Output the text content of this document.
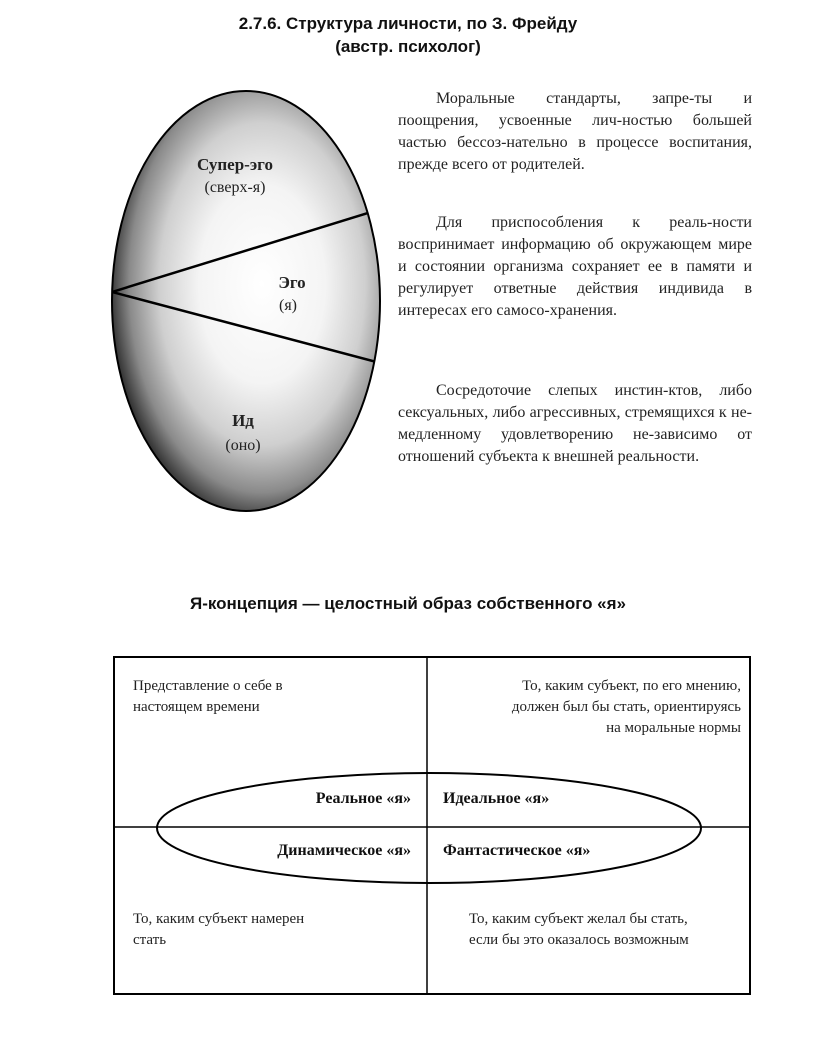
2.7.6. Структура личности, по З. Фрейду
(австр. психолог)
Супер-эго
(сверх-я)
Эго
(я)
Ид
(оно)

Моральные стандарты, запре-ты и поощрения, усвоенные лич-ностью большей частью бессоз-нательно в процессе воспитания, прежде всего от родителей.

Для приспособления к реаль-ности воспринимает информацию об окружающем мире и состоянии организма сохраняет ее в памяти и регулирует ответные действия индивида в интересах его самосо-хранения.

Сосредоточие слепых инстин-ктов, либо сексуальных, либо агрессивных, стремящихся к не-медленному удовлетворению не-зависимо от отношений субъекта к внешней реальности.

Я-концепция — целостный образ собственного «я»
Представление о себе в настоящем времени
То, каким субъект, по его мнению, должен был бы стать, ориентируясь на моральные нормы
То, каким субъект намерен стать
То, каким субъект желал бы стать, если бы это оказалось возможным
Реальное «я» Идеальное «я»
Динамическое «я» Фантастическое «я»
